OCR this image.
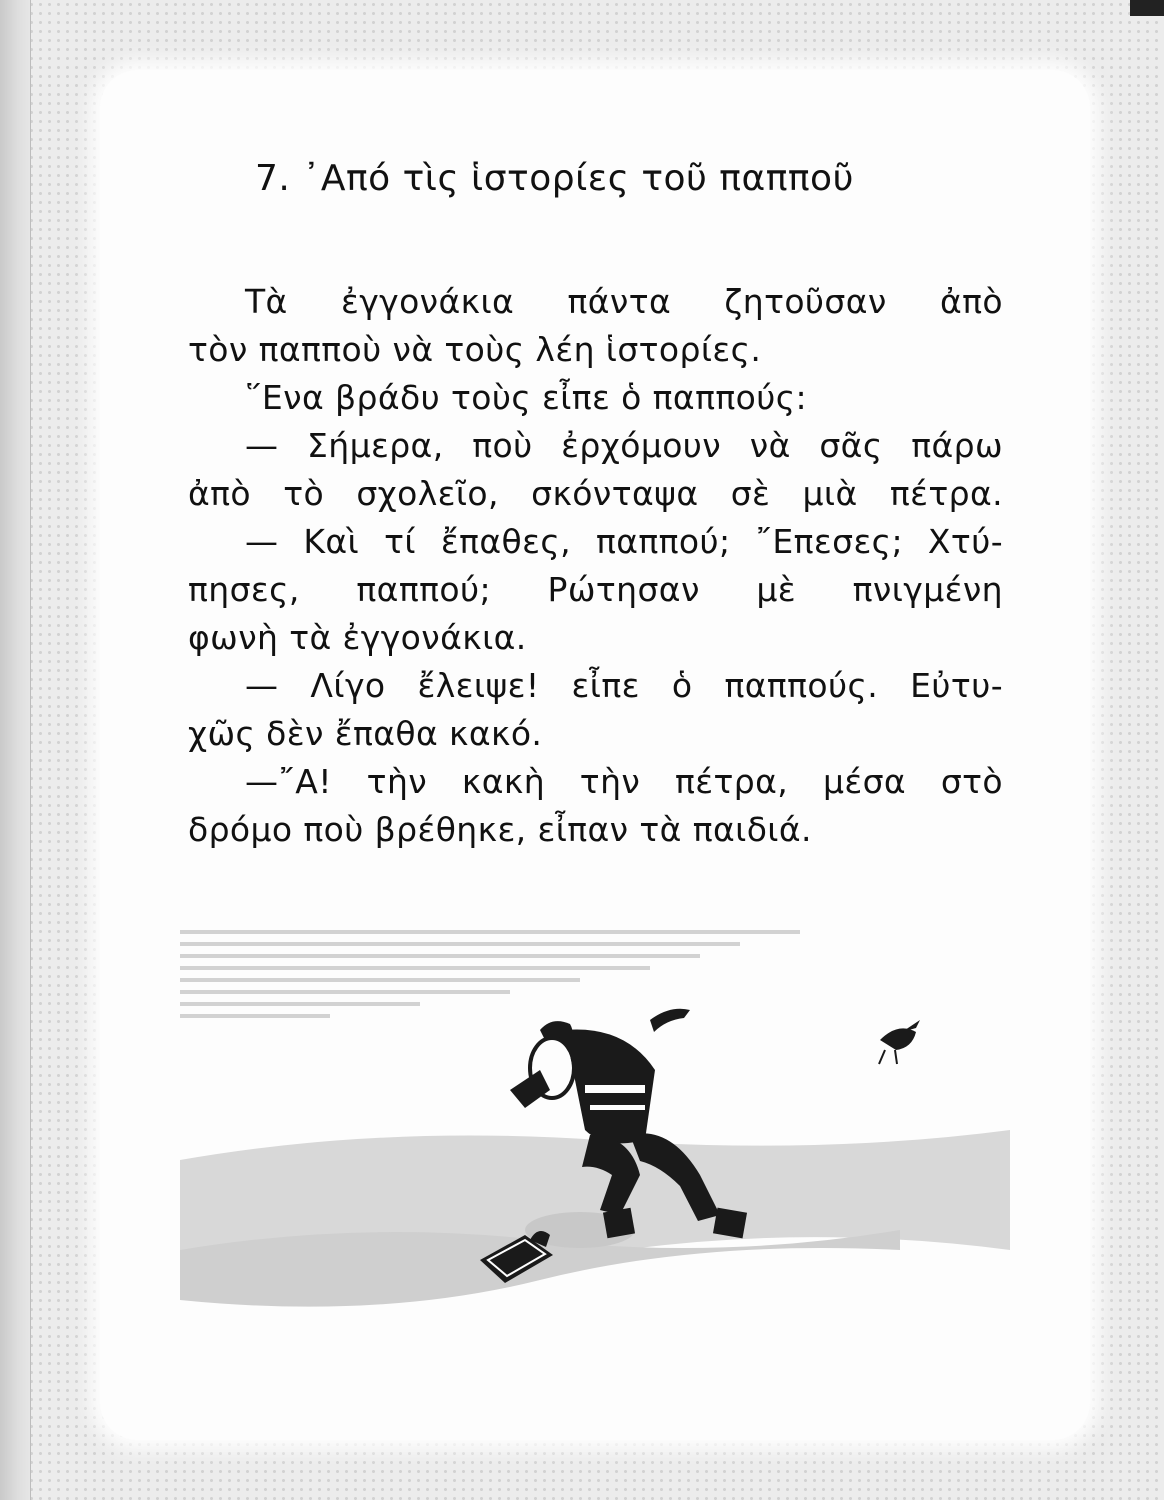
7. ᾿Από τὶς ἱστορίες τοῦ παπποῦ

Τὰ ἐγγονάκια πάντα ζητοῦσαν ἀπὸ

τὸν παπποὺ νὰ τοὺς λέη ἱστορίες.

῞Ενα βράδυ τοὺς εἶπε ὁ παππούς:

— Σήμερα, ποὺ ἐρχόμουν νὰ σᾶς πάρω

ἀπὸ τὸ σχολεῖο, σκόνταψα σὲ μιὰ πέτρα.

— Καὶ τί ἔπαθες, παππού; ῎Επεσες; Χτύ-

πησες, παππού; Ρώτησαν μὲ πνιγμένη

φωνὴ τὰ ἐγγονάκια.

— Λίγο ἔλειψε! εἶπε ὁ παππούς. Εὐτυ-

χῶς δὲν ἔπαθα κακό.

—῎Α! τὴν κακὴ τὴν πέτρα, μέσα στὸ

δρόμο ποὺ βρέθηκε, εἶπαν τὰ παιδιά.
